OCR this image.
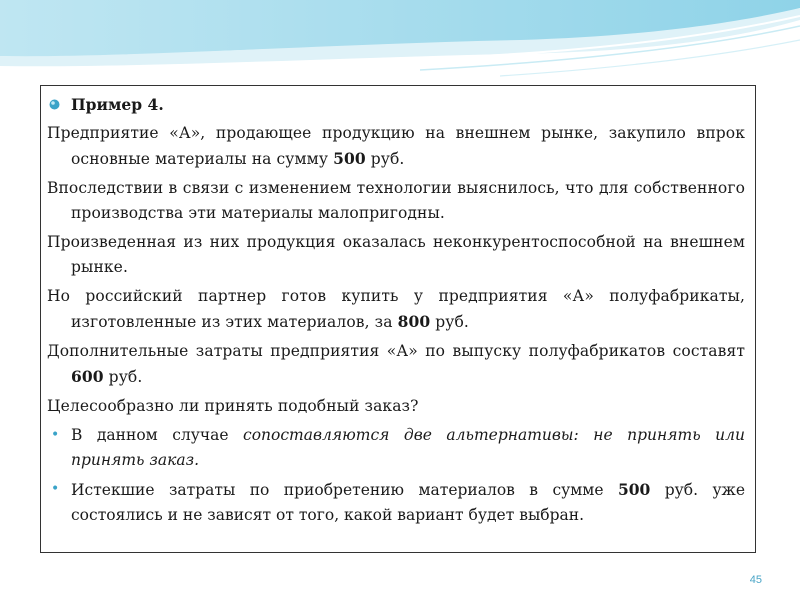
Пример 4.

Предприятие «А», продающее продукцию на внешнем рынке, закупило впрок основные материалы на сумму 500 руб.

Впоследствии в связи с изменением технологии выяснилось, что для собственного производства эти материалы малопригодны.

Произведенная из них продукция оказалась неконкурентоспособной на внешнем рынке.

Но российский партнер готов купить у предприятия «А» полуфабрикаты, изготовленные из этих материалов, за 800 руб.

Дополнительные затраты предприятия «А» по выпуску полуфабрикатов составят 600 руб.

Целесообразно ли принять подобный заказ?

• В данном случае сопоставляются две альтернативы: не принять или принять заказ.
• Истекшие затраты по приобретению материалов в сумме 500 руб. уже состоялись и не зависят от того, какой вариант будет выбран.
45
